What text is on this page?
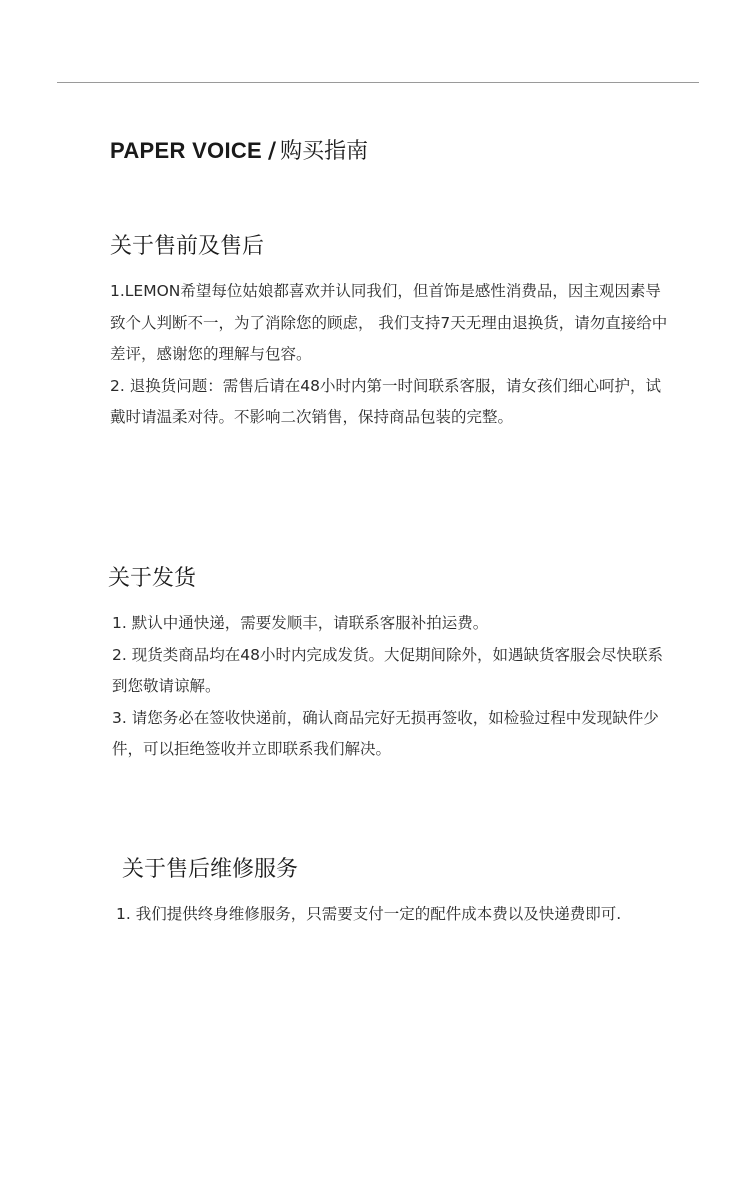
PAPER VOICE / 购买指南
关于售前及售后

1.LEMON希望每位姑娘都喜欢并认同我们，但首饰是感性消费品，因主观因素导致个人判断不一，为了消除您的顾虑， 我们支持7天无理由退换货，请勿直接给中差评，感谢您的理解与包容。

2. 退换货问题：需售后请在48小时内第一时间联系客服，请女孩们细心呵护，试戴时请温柔对待。不影响二次销售，保持商品包装的完整。

关于发货

1. 默认中通快递，需要发顺丰，请联系客服补拍运费。

2. 现货类商品均在48小时内完成发货。大促期间除外，如遇缺货客服会尽快联系到您敬请谅解。

3. 请您务必在签收快递前，确认商品完好无损再签收，如检验过程中发现缺件少件，可以拒绝签收并立即联系我们解决。

关于售后维修服务

1. 我们提供终身维修服务，只需要支付一定的配件成本费以及快递费即可.
